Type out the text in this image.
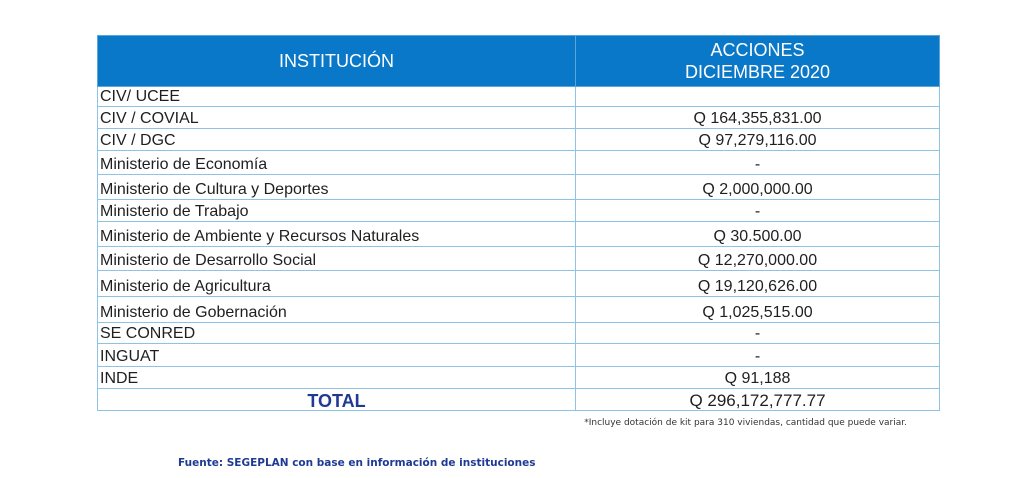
INSTITUCIÓN	ACCIONES
DICIEMBRE 2020

CIV/ UCEE	
CIV / COVIAL	Q 164,355,831.00
CIV / DGC	Q 97,279,116.00
Ministerio de Economía	-
Ministerio de Cultura y Deportes	Q 2,000,000.00
Ministerio de Trabajo	-
Ministerio de Ambiente y Recursos Naturales	Q 30.500.00
Ministerio de Desarrollo Social	Q 12,270,000.00
Ministerio de Agricultura	Q 19,120,626.00
Ministerio de Gobernación	Q 1,025,515.00
SE CONRED	-
INGUAT	-
INDE	Q 91,188
TOTAL	Q 296,172,777.77
*Incluye dotación de kit para 310 viviendas, cantidad que puede variar.
Fuente: SEGEPLAN con base en información de instituciones
